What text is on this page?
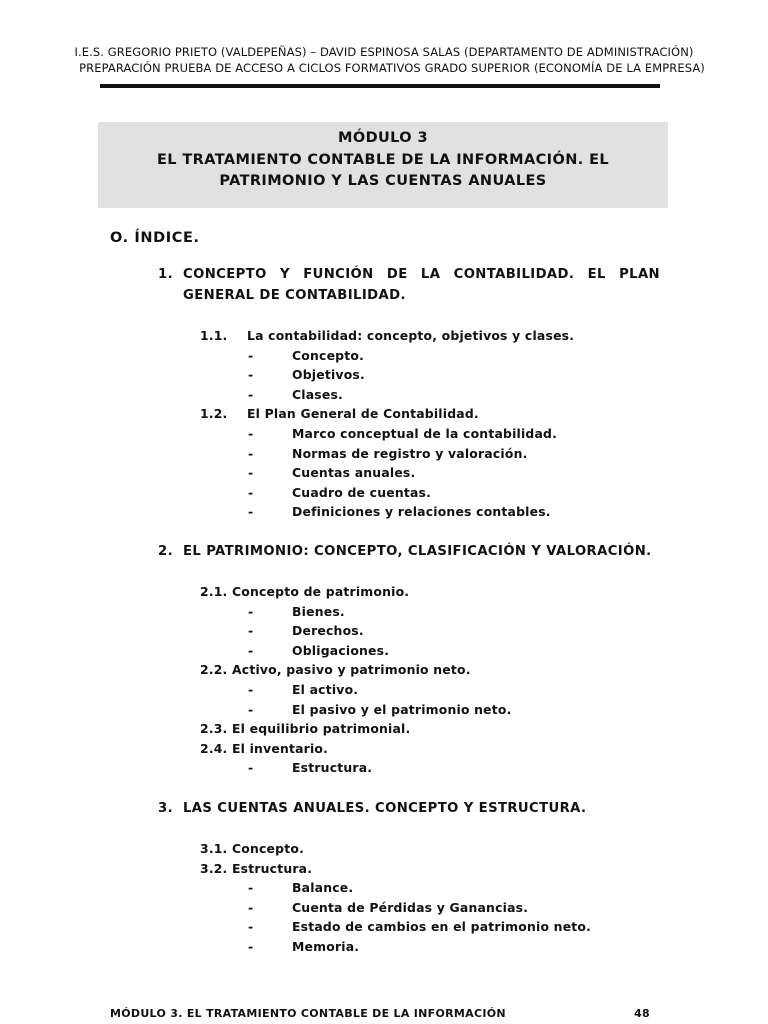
I.E.S. GREGORIO PRIETO (VALDEPEÑAS) – DAVID ESPINOSA SALAS (DEPARTAMENTO DE ADMINISTRACIÓN)
PREPARACIÓN PRUEBA DE ACCESO A CICLOS FORMATIVOS GRADO SUPERIOR (ECONOMÍA DE LA EMPRESA)
MÓDULO 3
EL TRATAMIENTO CONTABLE DE LA INFORMACIÓN. EL
PATRIMONIO Y LAS CUENTAS ANUALES
O. ÍNDICE.
1. CONCEPTO Y FUNCIÓN DE LA CONTABILIDAD. EL PLAN GENERAL DE CONTABILIDAD.
1.1. La contabilidad: concepto, objetivos y clases.
-	Concepto.
-	Objetivos.
-	Clases.
1.2. El Plan General de Contabilidad.
-	Marco conceptual de la contabilidad.
-	Normas de registro y valoración.
-	Cuentas anuales.
-	Cuadro de cuentas.
-	Definiciones y relaciones contables.
2. EL PATRIMONIO: CONCEPTO, CLASIFICACIÓN Y VALORACIÓN.
2.1. Concepto de patrimonio.
-	Bienes.
-	Derechos.
-	Obligaciones.
2.2. Activo, pasivo y patrimonio neto.
-	El activo.
-	El pasivo y el patrimonio neto.
2.3. El equilibrio patrimonial.
2.4. El inventario.
-	Estructura.
3. LAS CUENTAS ANUALES. CONCEPTO Y ESTRUCTURA.
3.1. Concepto.
3.2. Estructura.
-	Balance.
-	Cuenta de Pérdidas y Ganancias.
-	Estado de cambios en el patrimonio neto.
-	Memoria.
MÓDULO 3. EL TRATAMIENTO CONTABLE DE LA INFORMACIÓN	48
